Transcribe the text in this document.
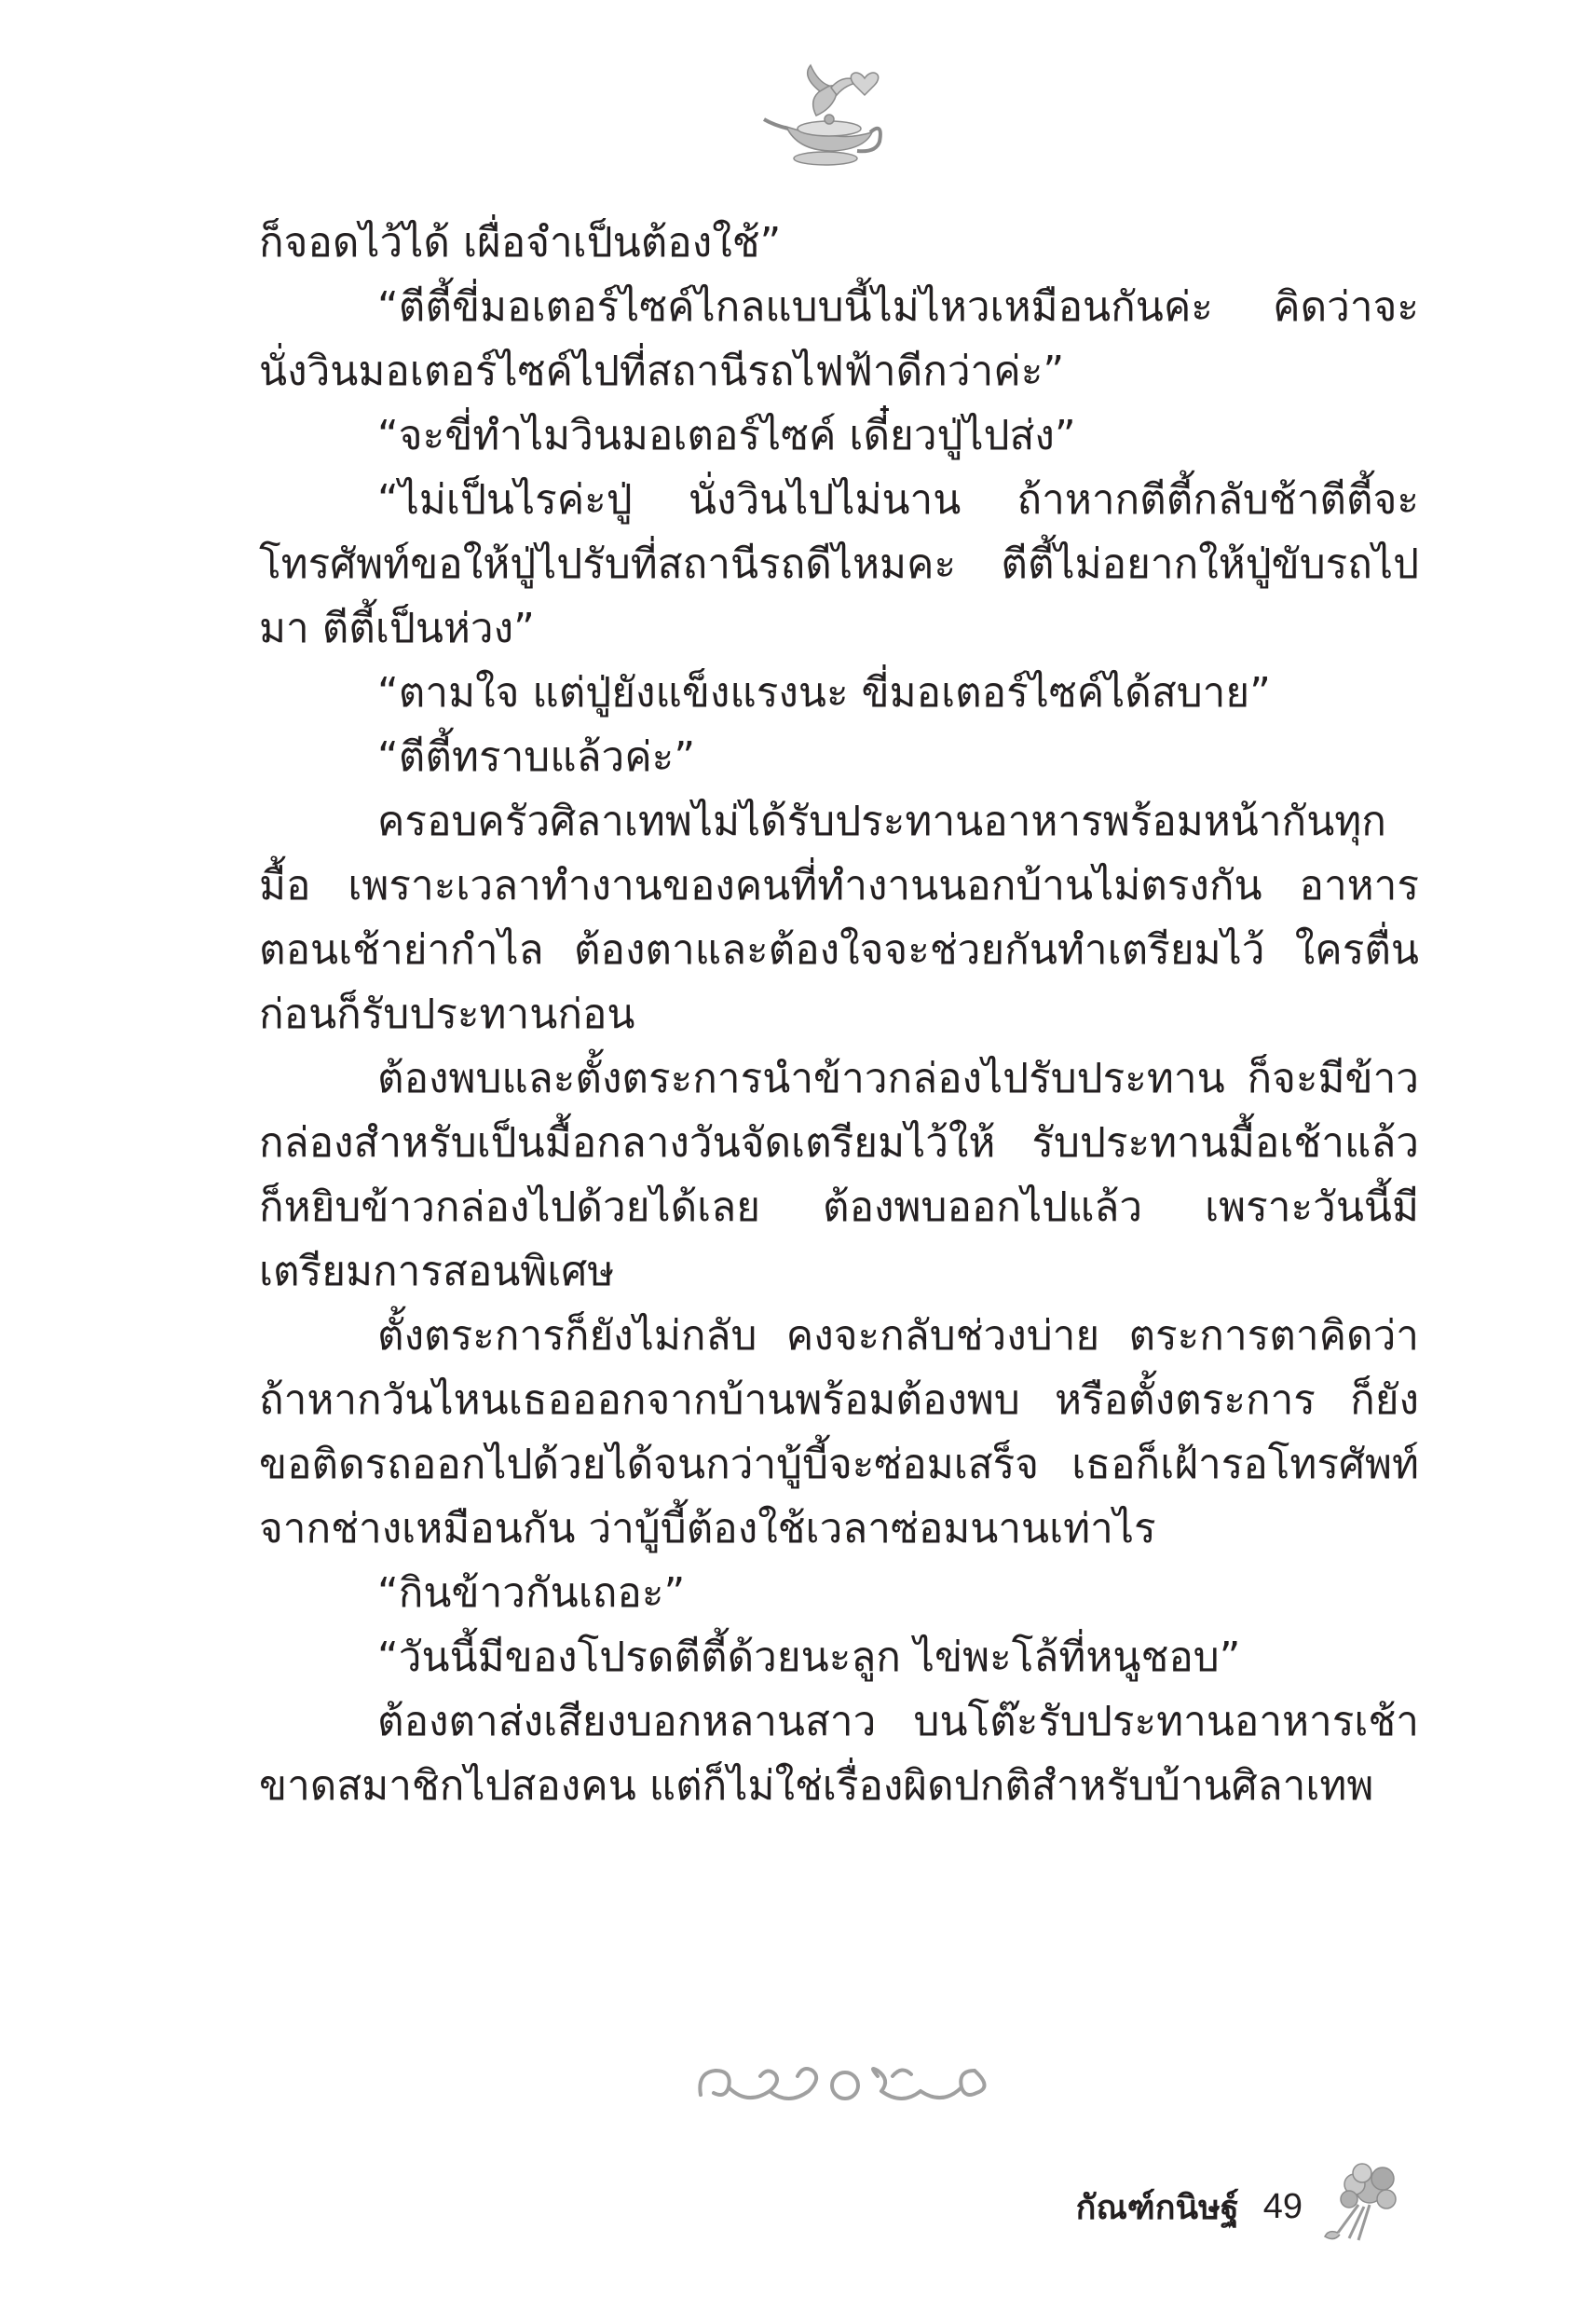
ก็จอดไว้ได้ เผื่อจำเป็นต้องใช้”

“ตีตี้ขี่มอเตอร์ไซค์ไกลแบบนี้ไม่ไหวเหมือนกันค่ะ คิดว่าจะนั่งวินมอเตอร์ไซค์ไปที่สถานีรถไฟฟ้าดีกว่าค่ะ”

“จะขี่ทำไมวินมอเตอร์ไซค์ เดี๋ยวปู่ไปส่ง”

“ไม่เป็นไรค่ะปู่ นั่งวินไปไม่นาน ถ้าหากตีตี้กลับช้าตีตี้จะโทรศัพท์ขอให้ปู่ไปรับที่สถานีรถดีไหมคะ ตีตี้ไม่อยากให้ปู่ขับรถไปมา ตีตี้เป็นห่วง”

“ตามใจ แต่ปู่ยังแข็งแรงนะ ขี่มอเตอร์ไซค์ได้สบาย”

“ตีตี้ทราบแล้วค่ะ”

ครอบครัวศิลาเทพไม่ได้รับประทานอาหารพร้อมหน้ากันทุกมื้อ เพราะเวลาทำงานของคนที่ทำงานนอกบ้านไม่ตรงกัน อาหารตอนเช้าย่ากำไล ต้องตาและต้องใจจะช่วยกันทำเตรียมไว้ ใครตื่นก่อนก็รับประทานก่อน

ต้องพบและตั้งตระการนำข้าวกล่องไปรับประทาน ก็จะมีข้าวกล่องสำหรับเป็นมื้อกลางวันจัดเตรียมไว้ให้ รับประทานมื้อเช้าแล้วก็หยิบข้าวกล่องไปด้วยได้เลย ต้องพบออกไปแล้ว เพราะวันนี้มีเตรียมการสอนพิเศษ

ตั้งตระการก็ยังไม่กลับ คงจะกลับช่วงบ่าย ตระการตาคิดว่าถ้าหากวันไหนเธอออกจากบ้านพร้อมต้องพบ หรือตั้งตระการ ก็ยังขอติดรถออกไปด้วยได้จนกว่าบู้บี้จะซ่อมเสร็จ เธอก็เฝ้ารอโทรศัพท์จากช่างเหมือนกัน ว่าบู้บี้ต้องใช้เวลาซ่อมนานเท่าไร

“กินข้าวกันเถอะ”

“วันนี้มีของโปรดตีตี้ด้วยนะลูก ไข่พะโล้ที่หนูชอบ”

ต้องตาส่งเสียงบอกหลานสาว บนโต๊ะรับประทานอาหารเช้าขาดสมาชิกไปสองคน แต่ก็ไม่ใช่เรื่องผิดปกติสำหรับบ้านศิลาเทพ

กัณฑ์กนิษฐ์ 49
